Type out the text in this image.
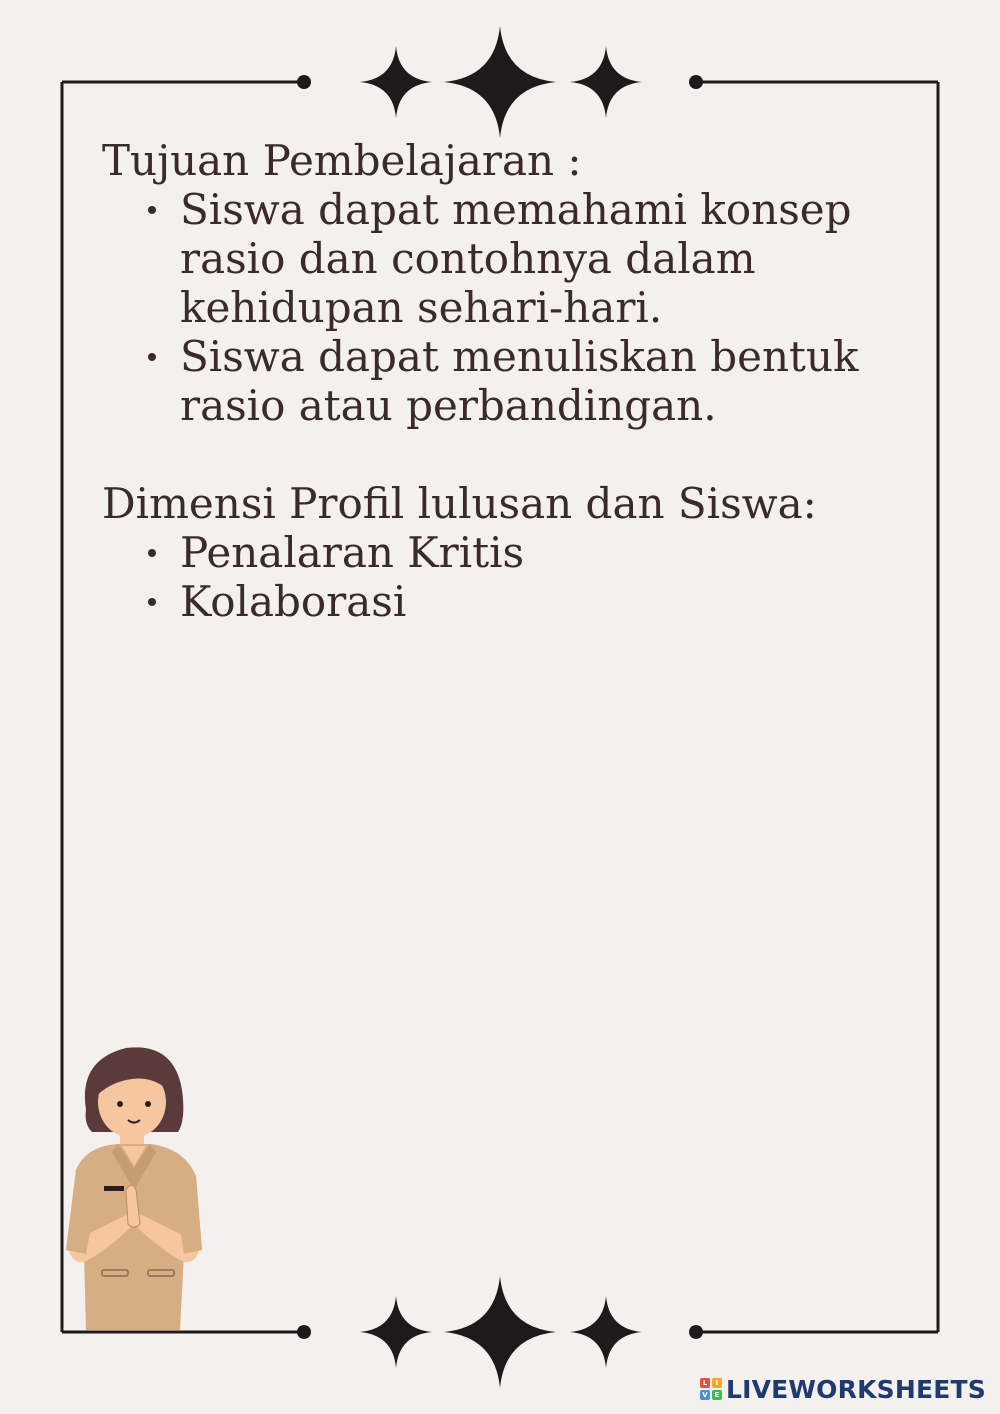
Tujuan Pembelajaran :
Siswa dapat memahami konsep
rasio dan contohnya dalam
kehidupan sehari-hari.
Siswa dapat menuliskan bentuk
rasio atau perbandingan.
Dimensi Profil lulusan dan Siswa:
Penalaran Kritis
Kolaborasi
L	I
V E LIVEWORKSHEETS
